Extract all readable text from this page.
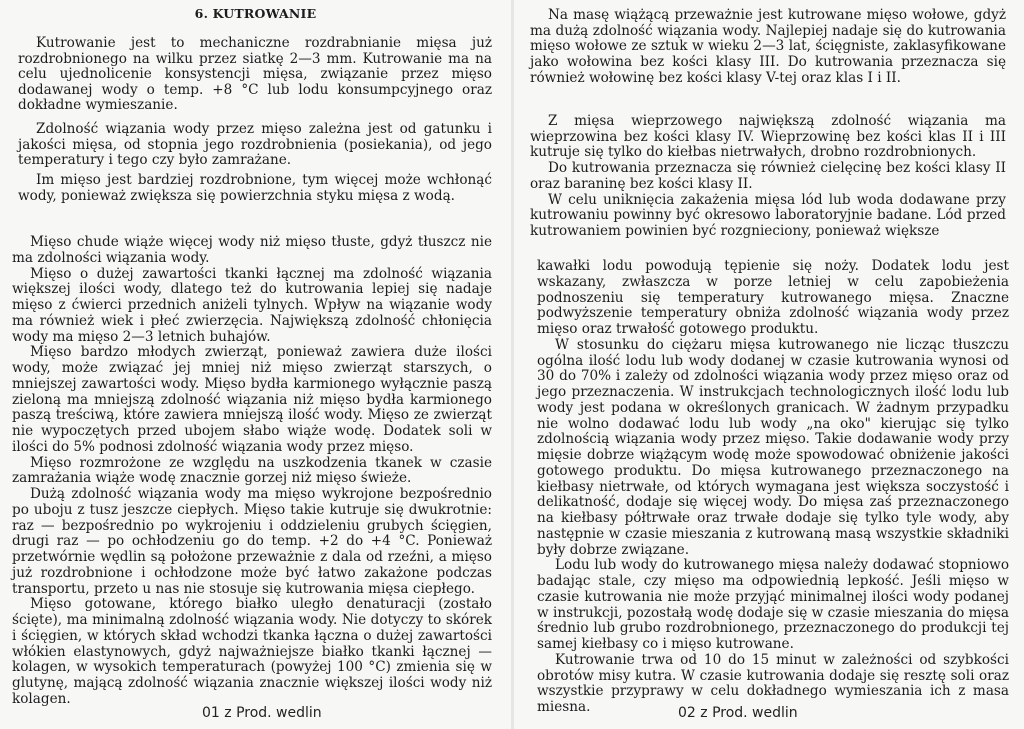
6. KUTROWANIE

Kutrowanie jest to mechaniczne rozdrabnianie mięsa już rozdrobnionego na wilku przez siatkę 2—3 mm. Kutrowanie ma na celu ujednolicenie konsystencji mięsa, związanie przez mięso dodawanej wody o temp. +8 °C lub lodu konsumpcyjnego oraz dokładne wymieszanie.

Zdolność wiązania wody przez mięso zależna jest od gatunku i jakości mięsa, od stopnia jego rozdrobnienia (posiekania), od jego temperatury i tego czy było zamrażane.

Im mięso jest bardziej rozdrobnione, tym więcej może wchłonąć wody, ponieważ zwiększa się powierzchnia styku mięsa z wodą.

Mięso chude wiąże więcej wody niż mięso tłuste, gdyż tłuszcz nie ma zdolności wiązania wody.

Mięso o dużej zawartości tkanki łącznej ma zdolność wiązania większej ilości wody, dlatego też do kutrowania lepiej się nadaje mięso z ćwierci przednich aniżeli tylnych. Wpływ na wiązanie wody ma również wiek i płeć zwierzęcia. Największą zdolność chłonięcia wody ma mięso 2—3 letnich buhajów.

Mięso bardzo młodych zwierząt, ponieważ zawiera duże ilości wody, może związać jej mniej niż mięso zwierząt starszych, o mniejszej zawartości wody. Mięso bydła karmionego wyłącznie paszą zieloną ma mniejszą zdolność wiązania niż mięso bydła karmionego paszą treściwą, które zawiera mniejszą ilość wody. Mięso ze zwierząt nie wypoczętych przed ubojem słabo wiąże wodę. Dodatek soli w ilości do 5% podnosi zdolność wiązania wody przez mięso.

Mięso rozmrożone ze względu na uszkodzenia tkanek w czasie zamrażania wiąże wodę znacznie gorzej niż mięso świeże.

Dużą zdolność wiązania wody ma mięso wykrojone bezpośrednio po uboju z tusz jeszcze ciepłych. Mięso takie kutruje się dwukrotnie: raz — bezpośrednio po wykrojeniu i oddzieleniu grubych ścięgien, drugi raz — po ochłodzeniu go do temp. +2 do +4 °C. Ponieważ przetwórnie wędlin są położone przeważnie z dala od rzeźni, a mięso już rozdrobnione i ochłodzone może być łatwo zakażone podczas transportu, przeto u nas nie stosuje się kutrowania mięsa ciepłego.

Mięso gotowane, którego białko uległo denaturacji (zostało ścięte), ma minimalną zdolność wiązania wody. Nie dotyczy to skórek i ścięgien, w których skład wchodzi tkanka łączna o dużej zawartości włókien elastynowych, gdyż najważniejsze białko tkanki łącznej — kolagen, w wysokich temperaturach (powyżej 100 °C) zmienia się w glutynę, mającą zdolność wiązania znacznie większej ilości wody niż kolagen.

01 z Prod. wedlin

Na masę wiążącą przeważnie jest kutrowane mięso wołowe, gdyż ma dużą zdolność wiązania wody. Najlepiej nadaje się do kutrowania mięso wołowe ze sztuk w wieku 2—3 lat, ścięgniste, zaklasyfikowane jako wołowina bez kości klasy III. Do kutrowania przeznacza się również wołowinę bez kości klasy V-tej oraz klas I i II.

Z mięsa wieprzowego największą zdolność wiązania ma wieprzowina bez kości klasy IV. Wieprzowinę bez kości klas II i III kutruje się tylko do kiełbas nietrwałych, drobno rozdrobnionych.

Do kutrowania przeznacza się również cielęcinę bez kości klasy II oraz baraninę bez kości klasy II.

W celu uniknięcia zakażenia mięsa lód lub woda dodawane przy kutrowaniu powinny być okresowo laboratoryjnie badane. Lód przed kutrowaniem powinien być rozgnieciony, ponieważ większe

kawałki lodu powodują tępienie się noży. Dodatek lodu jest wskazany, zwłaszcza w porze letniej w celu zapobieżenia podnoszeniu się temperatury kutrowanego mięsa. Znaczne podwyższenie temperatury obniża zdolność wiązania wody przez mięso oraz trwałość gotowego produktu.

W stosunku do ciężaru mięsa kutrowanego nie licząc tłuszczu ogólna ilość lodu lub wody dodanej w czasie kutrowania wynosi od 30 do 70% i zależy od zdolności wiązania wody przez mięso oraz od jego przeznaczenia. W instrukcjach technologicznych ilość lodu lub wody jest podana w określonych granicach. W żadnym przypadku nie wolno dodawać lodu lub wody „na oko" kierując się tylko zdolnością wiązania wody przez mięso. Takie dodawanie wody przy mięsie dobrze wiążącym wodę może spowodować obniżenie jakości gotowego produktu. Do mięsa kutrowanego przeznaczonego na kiełbasy nietrwałe, od których wymagana jest większa soczystość i delikatność, dodaje się więcej wody. Do mięsa zaś przeznaczonego na kiełbasy półtrwałe oraz trwałe dodaje się tylko tyle wody, aby następnie w czasie mieszania z kutrowaną masą wszystkie składniki były dobrze związane.

Lodu lub wody do kutrowanego mięsa należy dodawać stopniowo badając stale, czy mięso ma odpowiednią lepkość. Jeśli mięso w czasie kutrowania nie może przyjąć minimalnej ilości wody podanej w instrukcji, pozostałą wodę dodaje się w czasie mieszania do mięsa średnio lub grubo rozdrobnionego, przeznaczonego do produkcji tej samej kiełbasy co i mięso kutrowane.

Kutrowanie trwa od 10 do 15 minut w zależności od szybkości obrotów misy kutra. W czasie kutrowania dodaje się resztę soli oraz wszystkie przyprawy w celu dokładnego wymieszania ich z masa miesna.	02 z Prod. wedlin
